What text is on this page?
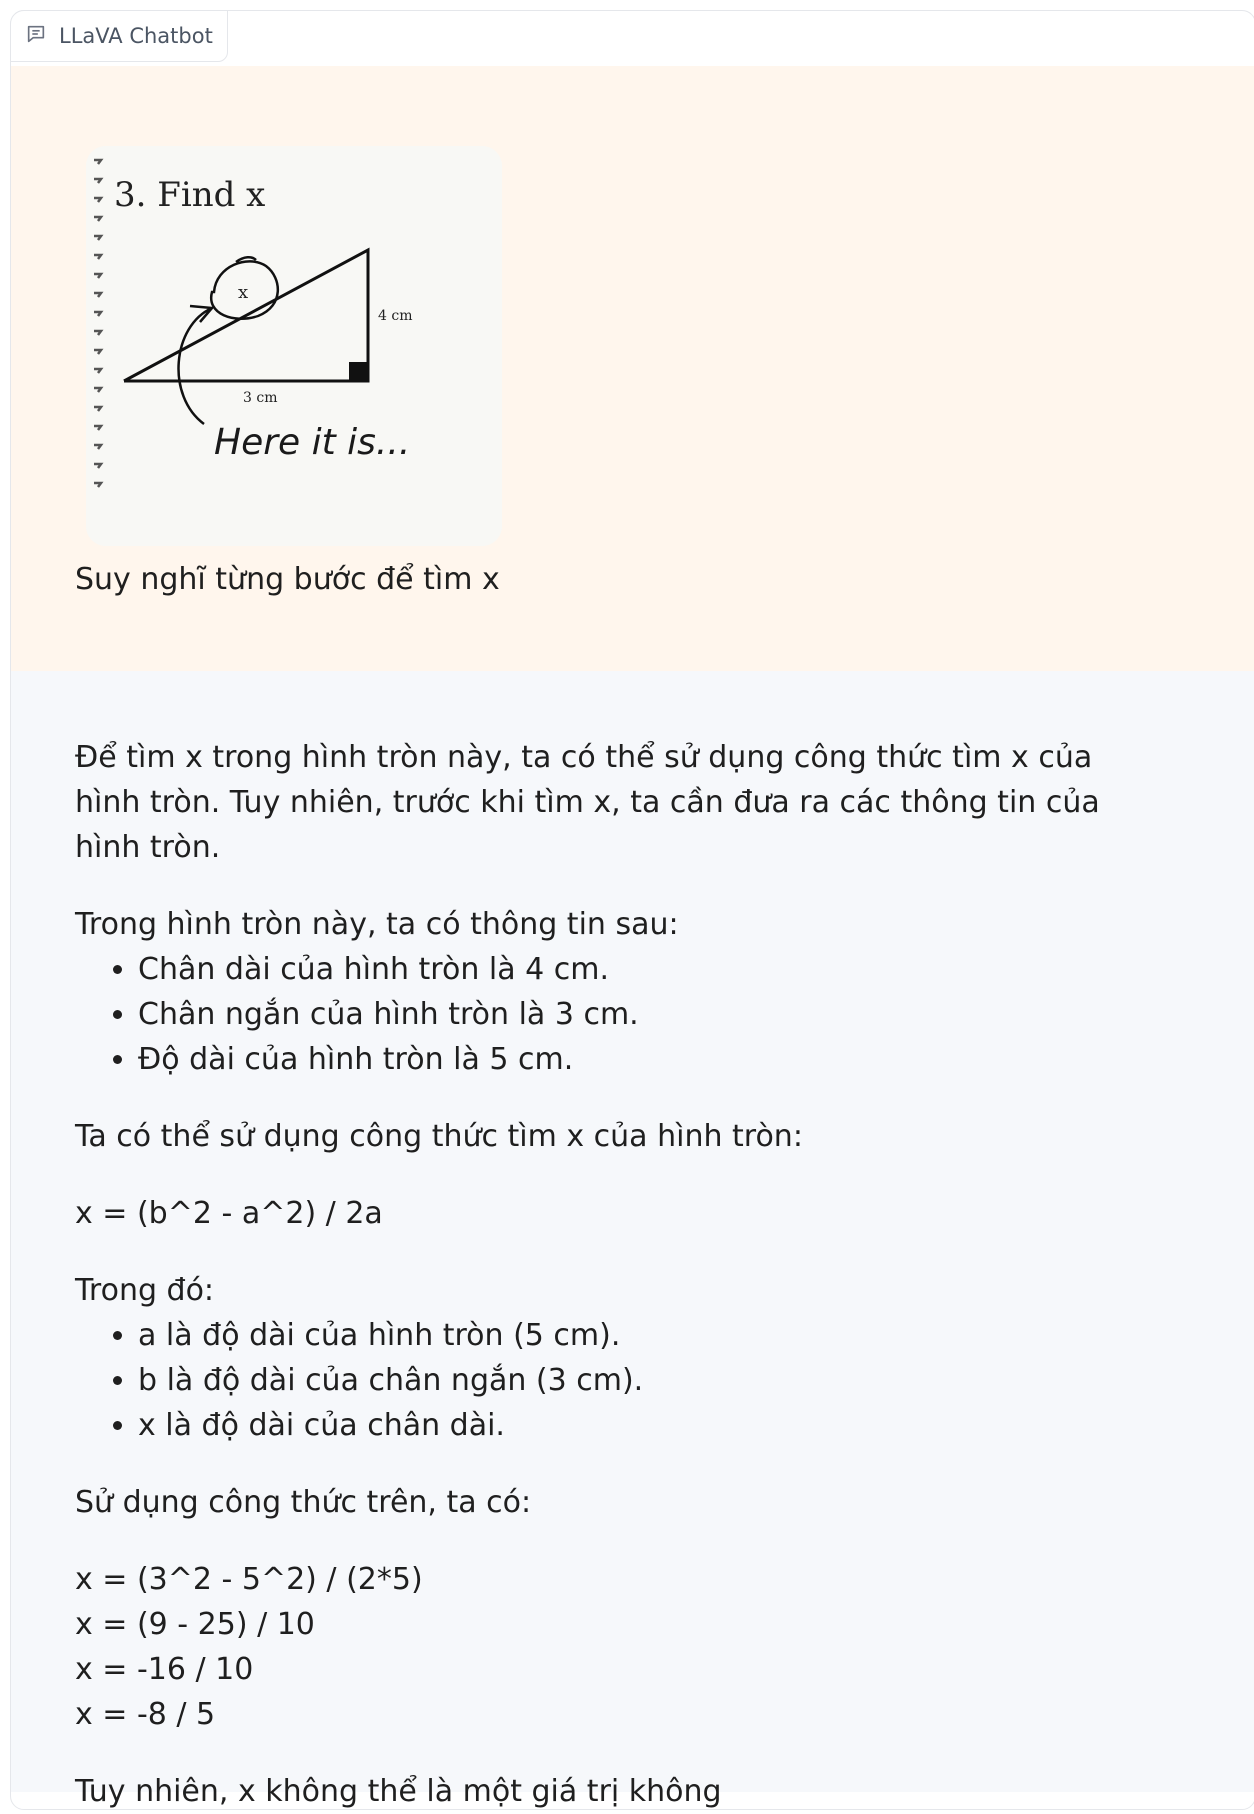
LLaVA Chatbot
3. Find x
x
4 cm
3 cm
Here it is...
Suy nghĩ từng bước để tìm x

Để tìm x trong hình tròn này, ta có thể sử dụng công thức tìm x của hình tròn. Tuy nhiên, trước khi tìm x, ta cần đưa ra các thông tin của hình tròn.

Trong hình tròn này, ta có thông tin sau:

• Chân dài của hình tròn là 4 cm.
• Chân ngắn của hình tròn là 3 cm.
• Độ dài của hình tròn là 5 cm.

Ta có thể sử dụng công thức tìm x của hình tròn:

x = (b^2 - a^2) / 2a

Trong đó:

• a là độ dài của hình tròn (5 cm).
• b là độ dài của chân ngắn (3 cm).
• x là độ dài của chân dài.

Sử dụng công thức trên, ta có:

x = (3^2 - 5^2) / (2*5)

x = (9 - 25) / 10

x = -16 / 10

x = -8 / 5

Tuy nhiên, x không thể là một giá trị không
